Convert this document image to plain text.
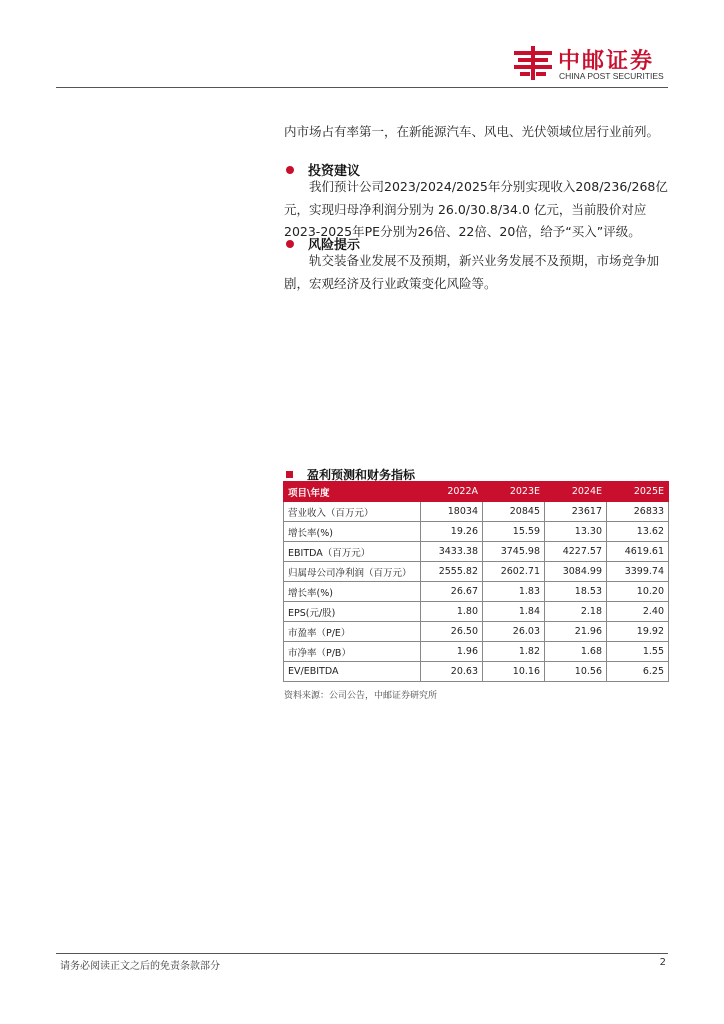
中邮证券
CHINA POST SECURITIES
内市场占有率第一，在新能源汽车、风电、光伏领域位居行业前列。
投资建议
我们预计公司2023/2024/2025年分别实现收入208/236/268亿元，实现归母净利润分别为 26.0/30.8/34.0 亿元，当前股价对应2023-2025年PE分别为26倍、22倍、20倍，给予“买入”评级。
风险提示
轨交装备业发展不及预期，新兴业务发展不及预期，市场竞争加剧，宏观经济及行业政策变化风险等。
盈利预测和财务指标
项目\年度	2022A	2023E	2024E	2025E
营业收入（百万元）	18034	20845	23617	26833
增长率(%)	19.26	15.59	13.30	13.62
EBITDA（百万元）	3433.38	3745.98	4227.57	4619.61
归属母公司净利润（百万元）	2555.82	2602.71	3084.99	3399.74
增长率(%)	26.67	1.83	18.53	10.20
EPS(元/股)	1.80	1.84	2.18	2.40
市盈率（P/E）	26.50	26.03	21.96	19.92
市净率（P/B）	1.96	1.82	1.68	1.55
EV/EBITDA	20.63	10.16	10.56	6.25
资料来源：公司公告，中邮证券研究所
请务必阅读正文之后的免责条款部分	2
